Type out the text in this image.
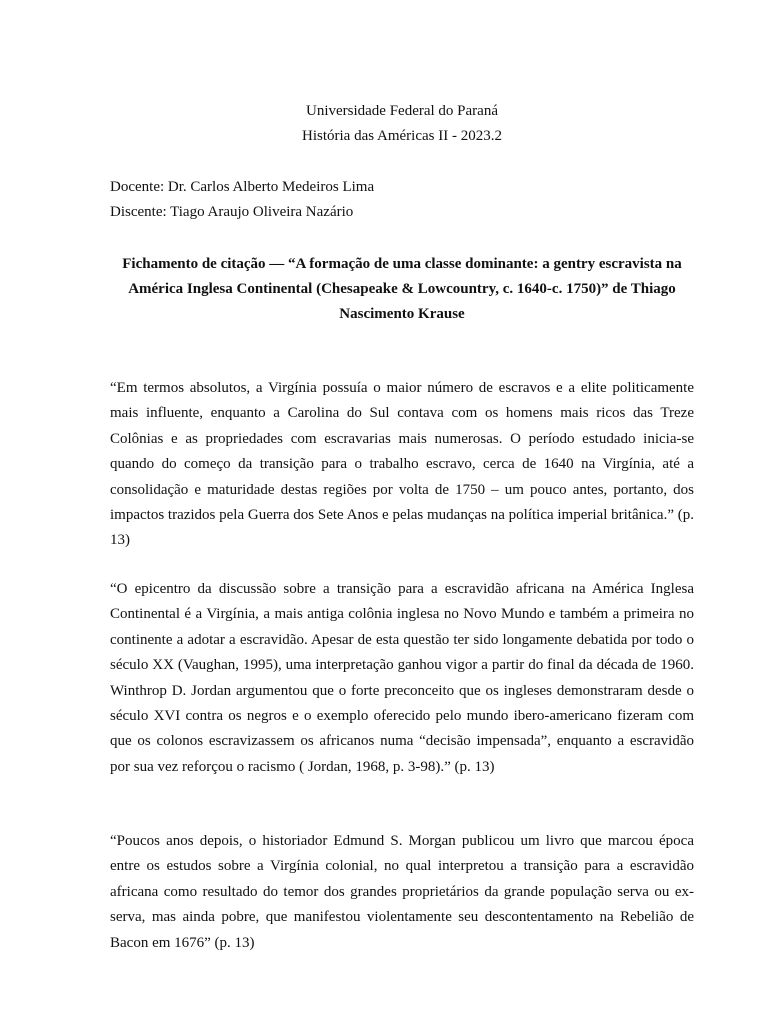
Universidade Federal do Paraná

História das Américas II - 2023.2

Docente: Dr. Carlos Alberto Medeiros Lima

Discente: Tiago Araujo Oliveira Nazário

Fichamento de citação — “A formação de uma classe dominante: a gentry escravista na América Inglesa Continental (Chesapeake & Lowcountry, c. 1640-c. 1750)” de Thiago Nascimento Krause

“Em termos absolutos, a Virgínia possuía o maior número de escravos e a elite politicamente mais influente, enquanto a Carolina do Sul contava com os homens mais ricos das Treze Colônias e as propriedades com escravarias mais numerosas. O período estudado inicia-se quando do começo da transição para o trabalho escravo, cerca de 1640 na Virgínia, até a consolidação e maturidade destas regiões por volta de 1750 – um pouco antes, portanto, dos impactos trazidos pela Guerra dos Sete Anos e pelas mudanças na política imperial britânica.” (p. 13)

“O epicentro da discussão sobre a transição para a escravidão africana na América Inglesa Continental é a Virgínia, a mais antiga colônia inglesa no Novo Mundo e também a primeira no continente a adotar a escravidão. Apesar de esta questão ter sido longamente debatida por todo o século XX (Vaughan, 1995), uma interpretação ganhou vigor a partir do final da década de 1960. Winthrop D. Jordan argumentou que o forte preconceito que os ingleses demonstraram desde o século XVI contra os negros e o exemplo oferecido pelo mundo ibero-americano fizeram com que os colonos escravizassem os africanos numa “decisão impensada”, enquanto a escravidão por sua vez reforçou o racismo ( Jordan, 1968, p. 3-98).” (p. 13)

“Poucos anos depois, o historiador Edmund S. Morgan publicou um livro que marcou época entre os estudos sobre a Virgínia colonial, no qual interpretou a transição para a escravidão africana como resultado do temor dos grandes proprietários da grande população serva ou ex-serva, mas ainda pobre, que manifestou violentamente seu descontentamento na Rebelião de Bacon em 1676” (p. 13)
